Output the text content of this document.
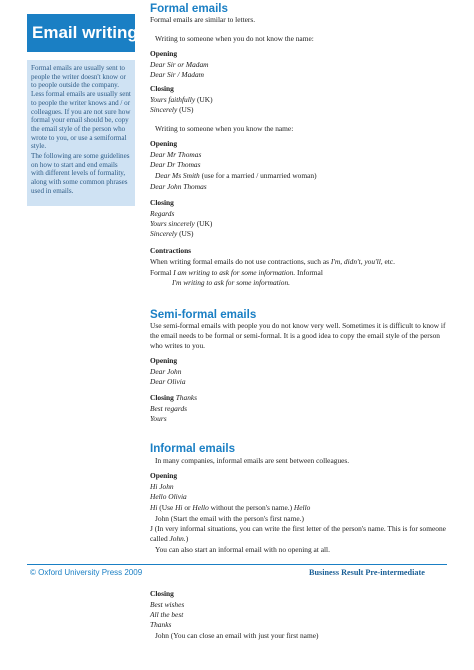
Email writing

Formal emails are usually sent to people the writer doesn't know or to people outside the company. Less formal emails are usually sent to people the writer knows and / or colleagues. If you are not sure how formal your email should be, copy the email style of the person who wrote to you, or use a semiformal style.

The following are some guidelines on how to start and end emails with different levels of formality, along with some common phrases used in emails.

Formal emails
Formal emails are similar to letters.
Writing to someone when you do not know the name:
Opening
Dear Sir or Madam
Dear Sir / Madam
Closing
Yours faithfully (UK)
Sincerely (US)
Writing to someone when you know the name:
Opening
Dear Mr Thomas
Dear Dr Thomas
Dear Ms Smith (use for a married / unmarried woman)
Dear John Thomas
Closing
Regards
Yours sincerely (UK)
Sincerely (US)
Contractions
When writing formal emails do not use contractions, such as I'm, didn't, you'll, etc.
Formal I am writing to ask for some information. Informal
I'm writing to ask for some information.
Semi-formal emails
Use semi-formal emails with people you do not know very well. Sometimes it is difficult to know if the email needs to be formal or semi-formal. It is a good idea to copy the email style of the person who writes to you.
Opening
Dear John
Dear Olivia
Closing Thanks
Best regards
Yours
Informal emails
In many companies, informal emails are sent between colleagues.
Opening
Hi John
Hello Olivia
Hi (Use Hi or Hello without the person's name.) Hello
John (Start the email with the person's first name.)
J (In very informal situations, you can write the first letter of the person's name. This is for someone called John.)
You can also start an informal email with no opening at all.
Closing
Best wishes
All the best
Thanks
John (You can close an email with just your first name)
© Oxford University Press 2009	Business Result Pre-intermediate
